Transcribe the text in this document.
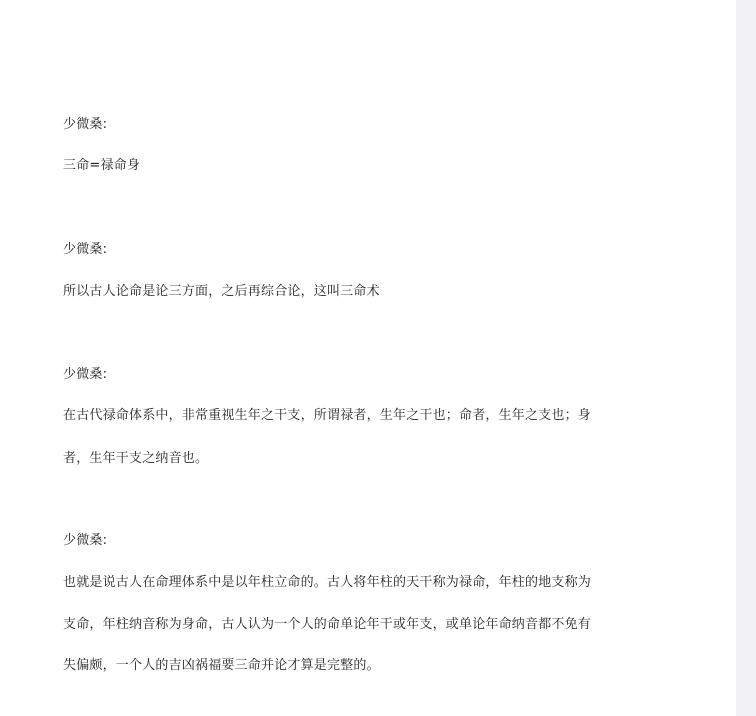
少微桑:
三命=禄命身
少微桑:
所以古人论命是论三方面，之后再综合论，这叫三命术
少微桑:
在古代禄命体系中，非常重视生年之干支，所谓禄者，生年之干也；命者，生年之支也；身
者，生年干支之纳音也。
少微桑:
也就是说古人在命理体系中是以年柱立命的。古人将年柱的天干称为禄命，年柱的地支称为
支命，年柱纳音称为身命，古人认为一个人的命单论年干或年支，或单论年命纳音都不免有
失偏颇，一个人的吉凶祸福要三命并论才算是完整的。
